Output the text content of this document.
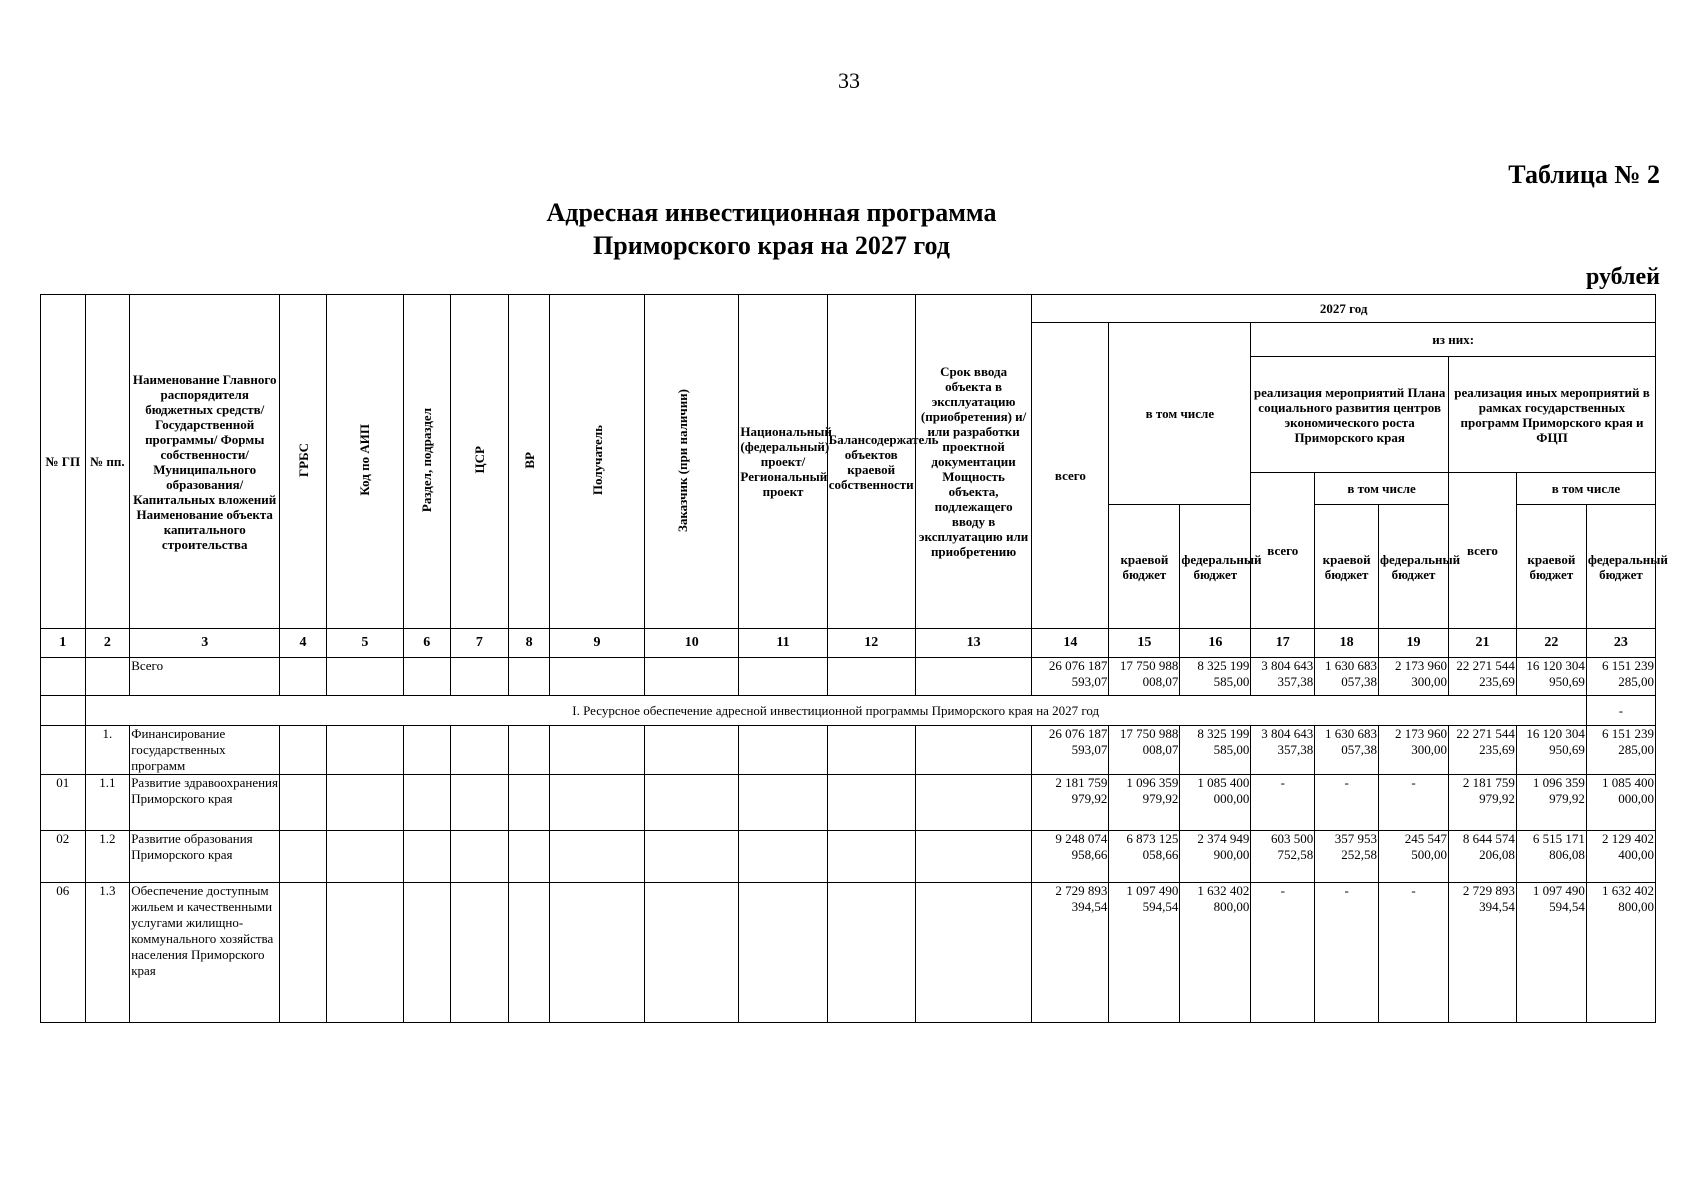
33
Таблица № 2
Адресная инвестиционная программа
Приморского края на 2027 год
рублей
№ ГП	№ пп.	Наименование Главного распорядителя бюджетных средств/Государственной программы/ Формы собственности/Муниципального образования/Капитальных вложений Наименование объекта капитального строительства	ГРБС	Код по АИП	Раздел, подраздел	ЦСР	ВР	Получатель	Заказчик (при наличии)	Национальный (федеральный) проект/ Региональный проект	Балансодержатель объектов краевой собственности	Срок ввода объекта в эксплуатацию (приобретения) и/или разработки проектной документации Мощность объекта, подлежащего вводу в эксплуатацию или приобретению	2027 год								
													всего	в том числе		из них:					
																реализация мероприятий Плана социального развития центров экономического роста Приморского края			реализация иных мероприятий в рамках государственных программ Приморского края и ФЦП		
																всего	в том числе		всего	в том числе	
														краевой бюджет	федеральный бюджет		краевой бюджет	федеральный бюджет		краевой бюджет	федеральный бюджет
1	2	3	4	5	6	7	8	9	10	11	12	13	14	15	16	17	18	19	21	22	23
		Всего											26 076 187 593,07	17 750 988 008,07	8 325 199 585,00	3 804 643 357,38	1 630 683 057,38	2 173 960 300,00	22 271 544 235,69	16 120 304 950,69	6 151 239 285,00
	I. Ресурсное обеспечение адресной инвестиционной программы Приморского края на 2027 год																				-
	1.	Финансирование государственных программ											26 076 187 593,07	17 750 988 008,07	8 325 199 585,00	3 804 643 357,38	1 630 683 057,38	2 173 960 300,00	22 271 544 235,69	16 120 304 950,69	6 151 239 285,00
01	1.1	Развитие здравоохранения Приморского края											2 181 759 979,92	1 096 359 979,92	1 085 400 000,00	-	-	-	2 181 759 979,92	1 096 359 979,92	1 085 400 000,00
02	1.2	Развитие образования Приморского края											9 248 074 958,66	6 873 125 058,66	2 374 949 900,00	603 500 752,58	357 953 252,58	245 547 500,00	8 644 574 206,08	6 515 171 806,08	2 129 402 400,00
06	1.3	Обеспечение доступным жильем и качественными услугами жилищно-коммунального хозяйства населения Приморского края											2 729 893 394,54	1 097 490 594,54	1 632 402 800,00	-	-	-	2 729 893 394,54	1 097 490 594,54	1 632 402 800,00
